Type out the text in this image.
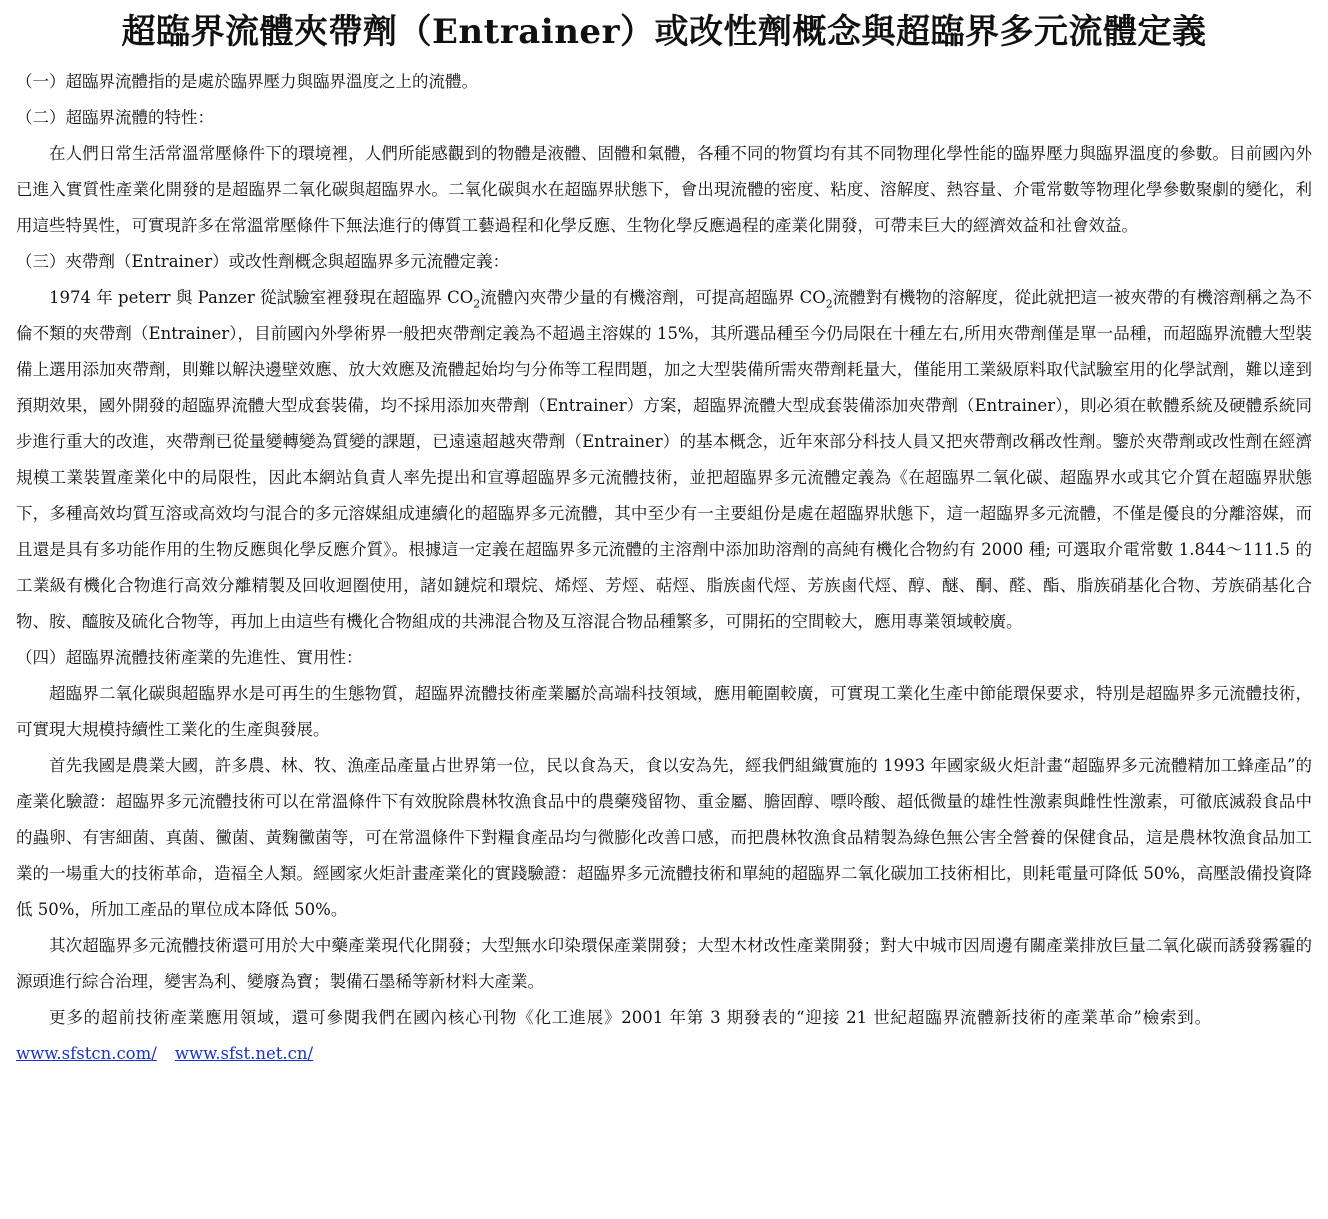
超臨界流體夾帶劑（Entrainer）或改性劑概念與超臨界多元流體定義

（一）超臨界流體指的是處於臨界壓力與臨界溫度之上的流體。

（二）超臨界流體的特性：

在人們日常生活常溫常壓條件下的環境裡，人們所能感觀到的物體是液體、固體和氣體，各種不同的物質均有其不同物理化學性能的臨界壓力與臨界溫度的參數。目前國內外已進入實質性產業化開發的是超臨界二氧化碳與超臨界水。二氧化碳與水在超臨界狀態下，會出現流體的密度、粘度、溶解度、熱容量、介電常數等物理化學參數聚劇的變化，利用這些特異性，可實現許多在常溫常壓條件下無法進行的傳質工藝過程和化學反應、生物化學反應過程的產業化開發，可帶耒巨大的經濟效益和社會效益。

（三）夾帶劑（Entrainer）或改性劑概念與超臨界多元流體定義：

1974 年 peterr 與 Panzer 從試驗室裡發現在超臨界 $CO_2$流體內夾帶少量的有機溶劑，可提高超臨界 $CO_2$流體對有機物的溶解度，從此就把這一被夾帶的有機溶劑稱之為不倫不類的夾帶劑（Entrainer），目前國內外學術界一般把夾帶劑定義為不超過主溶媒的 15%，其所選品種至今仍局限在十種左右,所用夾帶劑僅是單一品種，而超臨界流體大型裝備上選用添加夾帶劑，則難以解決邊壁效應、放大效應及流體起始均勻分佈等工程問題，加之大型裝備所需夾帶劑耗量大，僅能用工業級原料取代試驗室用的化學試劑，難以達到預期效果，國外開發的超臨界流體大型成套裝備，均不採用添加夾帶劑（Entrainer）方案，超臨界流體大型成套裝備添加夾帶劑（Entrainer），則必須在軟體系統及硬體系統同步進行重大的改進，夾帶劑已從量變轉變為質變的課題，已遠遠超越夾帶劑（Entrainer）的基本概念，近年來部分科技人員又把夾帶劑改稱改性劑。鑒於夾帶劑或改性劑在經濟規模工業裝置產業化中的局限性，因此本網站負責人率先提出和宣導超臨界多元流體技術，並把超臨界多元流體定義為《在超臨界二氧化碳、超臨界水或其它介質在超臨界狀態下，多種高效均質互溶或高效均勻混合的多元溶媒組成連續化的超臨界多元流體，其中至少有一主要組份是處在超臨界狀態下，這一超臨界多元流體，不僅是優良的分離溶媒，而且還是具有多功能作用的生物反應與化學反應介質》。根據這一定義在超臨界多元流體的主溶劑中添加助溶劑的高純有機化合物約有 2000 種; 可選取介電常數 1.844～111.5 的工業級有機化合物進行高效分離精製及回收迴圈使用，諸如鏈烷和環烷、烯烴、芳烴、萜烴、脂族鹵代烴、芳族鹵代烴、醇、醚、酮、醛、酯、脂族硝基化合物、芳族硝基化合物、胺、醯胺及硫化合物等，再加上由這些有機化合物組成的共沸混合物及互溶混合物品種繁多，可開拓的空間較大，應用專業領域較廣。

（四）超臨界流體技術產業的先進性、實用性：

超臨界二氧化碳與超臨界水是可再生的生態物質，超臨界流體技術產業屬於高端科技領域，應用範圍較廣，可實現工業化生產中節能環保要求，特別是超臨界多元流體技術，可實現大規模持續性工業化的生產與發展。

首先我國是農業大國，許多農、林、牧、漁產品產量占世界第一位，民以食為天，食以安為先，經我們組織實施的 1993 年國家級火炬計畫“超臨界多元流體精加工蜂產品”的產業化驗證：超臨界多元流體技術可以在常溫條件下有效脫除農林牧漁食品中的農藥殘留物、重金屬、膽固醇、嘌呤酸、超低微量的雄性性激素與雌性性激素，可徹底滅殺食品中的蟲卵、有害細菌、真菌、黴菌、黃麴黴菌等，可在常溫條件下對糧食產品均勻微膨化改善口感，而把農林牧漁食品精製為綠色無公害全營養的保健食品，這是農林牧漁食品加工業的一場重大的技術革命，造福全人類。經國家火炬計畫產業化的實踐驗證：超臨界多元流體技術和單純的超臨界二氧化碳加工技術相比，則耗電量可降低 50%，高壓設備投資降低 50%，所加工產品的單位成本降低 50%。

其次超臨界多元流體技術還可用於大中藥產業現代化開發；大型無水印染環保產業開發；大型木材改性產業開發；對大中城市因周邊有關產業排放巨量二氧化碳而誘發霧霾的源頭進行綜合治理，變害為利、變廢為寶；製備石墨稀等新材料大產業。

更多的超前技術產業應用領域，還可參閱我們在國內核心刊物《化工進展》2001 年第 3 期發表的“迎接 21 世紀超臨界流體新技術的產業革命”檢索到。www.sfstcn.com/ www.sfst.net.cn/
